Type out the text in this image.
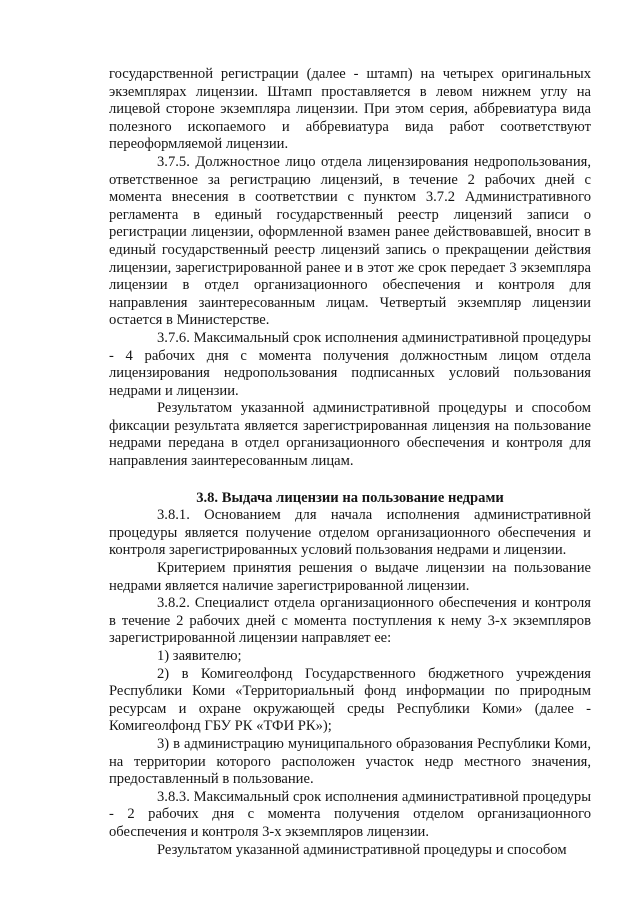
государственной регистрации (далее - штамп) на четырех оригинальных экземплярах лицензии. Штамп проставляется в левом нижнем углу на лицевой стороне экземпляра лицензии. При этом серия, аббревиатура вида полезного ископаемого и аббревиатура вида работ соответствуют переоформляемой лицензии.

3.7.5. Должностное лицо отдела лицензирования недропользования, ответственное за регистрацию лицензий, в течение 2 рабочих дней с момента внесения в соответствии с пунктом 3.7.2 Административного регламента в единый государственный реестр лицензий записи о регистрации лицензии, оформленной взамен ранее действовавшей, вносит в единый государственный реестр лицензий запись о прекращении действия лицензии, зарегистрированной ранее и в этот же срок передает 3 экземпляра лицензии в отдел организационного обеспечения и контроля для направления заинтересованным лицам. Четвертый экземпляр лицензии остается в Министерстве.

3.7.6. Максимальный срок исполнения административной процедуры - 4 рабочих дня с момента получения должностным лицом отдела лицензирования недропользования подписанных условий пользования недрами и лицензии.

Результатом указанной административной процедуры и способом фиксации результата является зарегистрированная лицензия на пользование недрами передана в отдел организационного обеспечения и контроля для направления заинтересованным лицам.

3.8. Выдача лицензии на пользование недрами

3.8.1. Основанием для начала исполнения административной процедуры является получение отделом организационного обеспечения и контроля зарегистрированных условий пользования недрами и лицензии.

Критерием принятия решения о выдаче лицензии на пользование недрами является наличие зарегистрированной лицензии.

3.8.2. Специалист отдела организационного обеспечения и контроля в течение 2 рабочих дней с момента поступления к нему 3-х экземпляров зарегистрированной лицензии направляет ее:

1) заявителю;

2) в Комигеолфонд Государственного бюджетного учреждения Республики Коми «Территориальный фонд информации по природным ресурсам и охране окружающей среды Республики Коми» (далее - Комигеолфонд ГБУ РК «ТФИ РК»);

3) в администрацию муниципального образования Республики Коми, на территории которого расположен участок недр местного значения, предоставленный в пользование.

3.8.3. Максимальный срок исполнения административной процедуры - 2 рабочих дня с момента получения отделом организационного обеспечения и контроля 3-х экземпляров лицензии.

Результатом указанной административной процедуры и способом
